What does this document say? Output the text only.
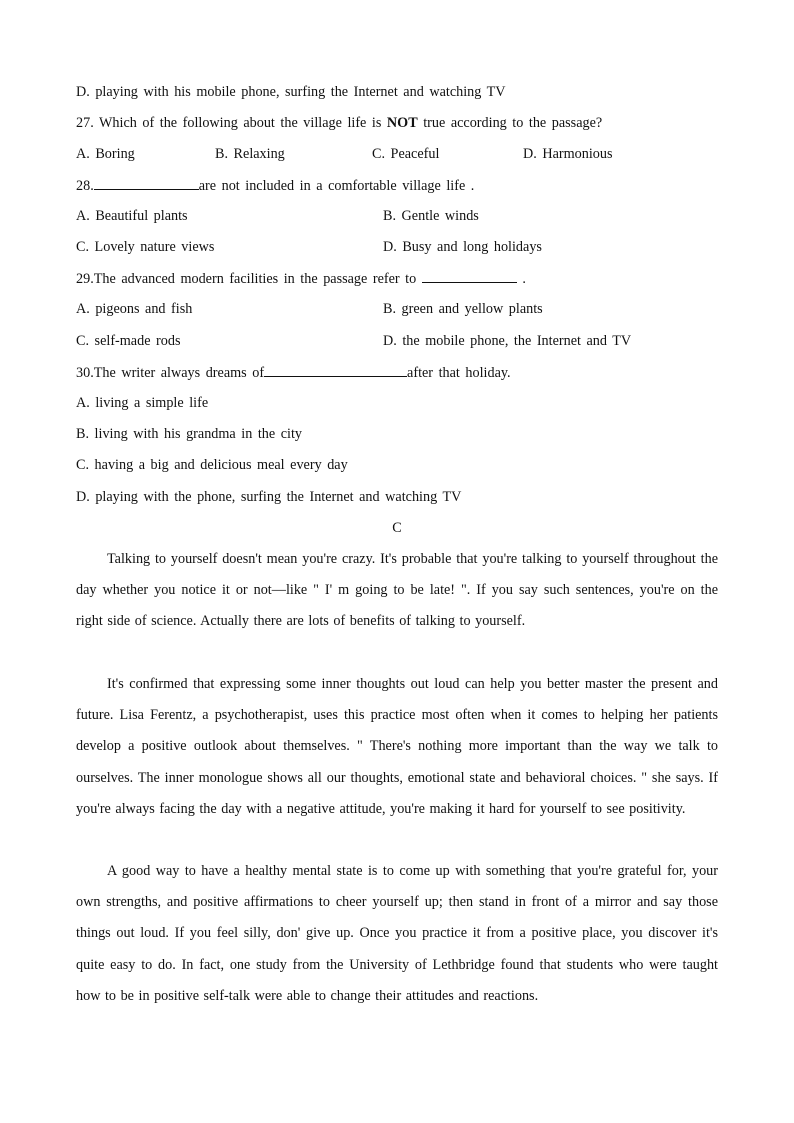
D. playing with his mobile phone, surfing the Internet and watching TV
27. Which of the following about the village life is NOT true according to the passage?
A. Boring	B. Relaxing	C. Peaceful	D. Harmonious
28.	are not included in a comfortable village life .
A. Beautiful plants	B. Gentle winds
C. Lovely nature views	D. Busy and long holidays
29.The advanced modern facilities in the passage refer to	.
A. pigeons and fish	B. green and yellow plants
C. self-made rods	D. the mobile phone, the Internet and TV
30.The writer always dreams of	after that holiday.
A. living a simple life
B. living with his grandma in the city
C. having a big and delicious meal every day
D. playing with the phone, surfing the Internet and watching TV
C
Talking to yourself doesn't mean you're crazy. It's probable that you're talking to yourself throughout the day whether you notice it or not—like " I' m going to be late! ". If you say such sentences, you're on the right side of science. Actually there are lots of benefits of talking to yourself.
It's confirmed that expressing some inner thoughts out loud can help you better master the present and future. Lisa Ferentz, a psychotherapist, uses this practice most often when it comes to helping her patients develop a positive outlook about themselves. " There's nothing more important than the way we talk to ourselves. The inner monologue shows all our thoughts, emotional state and behavioral choices. " she says. If you're always facing the day with a negative attitude, you're making it hard for yourself to see positivity.
A good way to have a healthy mental state is to come up with something that you're grateful for, your own strengths, and positive affirmations to cheer yourself up; then stand in front of a mirror and say those things out loud. If you feel silly, don' give up. Once you practice it from a positive place, you discover it's quite easy to do. In fact, one study from the University of Lethbridge found that students who were taught how to be in positive self-talk were able to change their attitudes and reactions.
